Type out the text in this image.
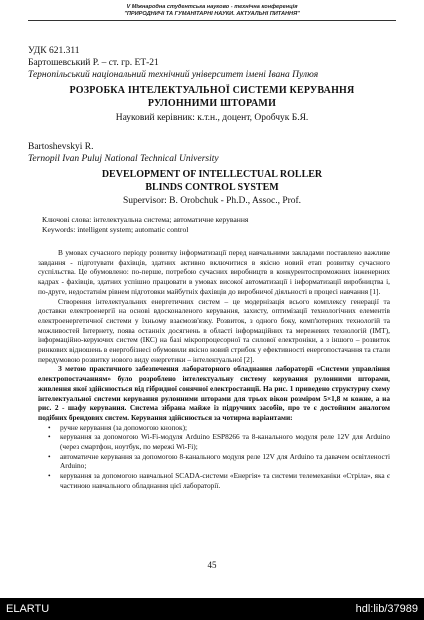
V Міжнародна студентська науково - технічна конференція
"ПРИРОДНИЧІ ТА ГУМАНІТАРНІ НАУКИ. АКТУАЛЬНІ ПИТАННЯ"
УДК 621.311
Бартошевський Р. – ст. гр. ЕТ-21
Тернопільський національний технічний університет імені Івана Пулюя
РОЗРОБКА ІНТЕЛЕКТУАЛЬНОЇ СИСТЕМИ КЕРУВАННЯ
РУЛОННИМИ ШТОРАМИ
Науковий керівник: к.т.н., доцент, Оробчук Б.Я.
Bartoshevskyi R.
Ternopil Ivan Puluj National Technical University
DEVELOPMENT OF INTELLECTUAL ROLLER
BLINDS CONTROL SYSTEM
Supervisor: B. Orobchuk - Ph.D., Assoc., Prof.
Ключові слова: інтелектуальна система; автоматичне керування
Keywords: intelligent system; automatic control

В умовах сучасного періоду розвитку інформатизації перед навчальними закладами поставлено важливе завдання - підготувати фахівців, здатних активно включитися в якісно новий етап розвитку сучасного суспільства. Це обумовлено: по-перше, потребою сучасних виробництв в конкурентоспроможних інженерних кадрах - фахівців, здатних успішно працювати в умовах високої автоматизації і інформатизації виробництва і, по-друге, недостатнім рівнем підготовки майбутніх фахівців до виробничої діяльності в процесі навчання [1].

Створення інтелектуальних енергетичних систем – це модернізація всього комплексу генерації та доставки електроенергії на основі вдосконаленого керування, захисту, оптимізації технологічних елементів електроенергетичної системи у їхньому взаємозв'язку. Розвиток, з одного боку, комп'ютерних технологій та можливостей Інтернету, поява останніх досягнень в області інформаційних та мережевих технологій (ІМТ), інформаційно-керуючих систем (ІКС) на базі мікропроцесорної та силової електроніки, а з іншого – розвиток ринкових відношень в енергобізнесі обумовили якісно новий стрибок у ефективності енергопостачання та стали передумовою розвитку нового виду енергетики – інтелектуальної [2].

З метою практичного забезпечення лабораторного обладнання лабораторії «Системи управління електропостачанням» було розроблено інтелектуальну систему керування рулонними шторами, живлення якої здійснюється від гібридної сонячної електростанції. На рис. 1 приведено структурну схему інтелектуальної системи керування рулонними шторами для трьох вікон розміром 5×1,8 м кожне, а на рис. 2 - шафу керування. Система зібрана майже із підручних засобів, про те є достойним аналогом подібних брендових систем. Керування здійснюється за чотирма варіантами:

• ручне керування (за допомогою кнопок);
• керування за допомогою Wi-Fi-модуля Arduino ESP8266 та 8-канального модуля реле 12V для Arduino (через смартфон, ноутбук, по мережі Wi-Fi);
• автоматичне керування за допомогою 8-канального модуля реле 12V для Arduino та давачем освітленості Arduino;
• керування за допомогою навчальної SCADA-системи «Енергія» та системи телемеханіки «Стріла», яка є частиною навчального обладнання цієї лабораторії.
45
ELARTU	hdl:lib/37989
